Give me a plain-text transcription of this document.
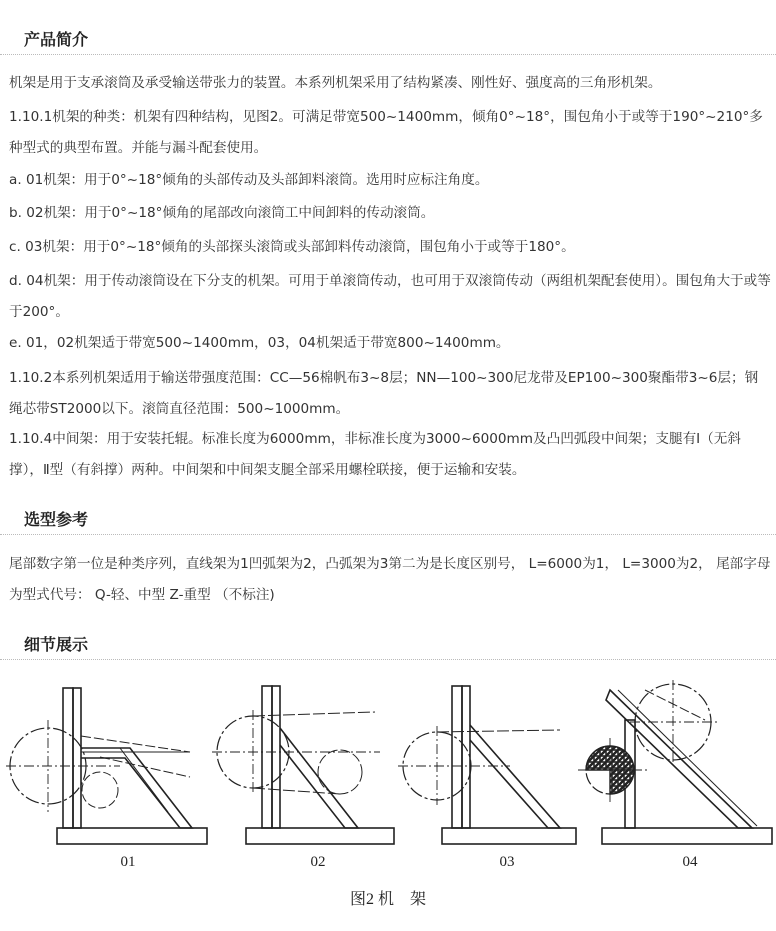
产品简介
机架是用于支承滚筒及承受输送带张力的装置。本系列机架采用了结构紧凑、刚性好、强度高的三角形机架。
1.10.1机架的种类：机架有四种结构，见图2。可满足带宽500~1400mm，倾角0°~18°，围包角小于或等于190°~210°多种型式的典型布置。并能与漏斗配套使用。
a. 01机架：用于0°~18°倾角的头部传动及头部卸料滚筒。选用时应标注角度。
b. 02机架：用于0°~18°倾角的尾部改向滚筒工中间卸料的传动滚筒。
c. 03机架：用于0°~18°倾角的头部探头滚筒或头部卸料传动滚筒，围包角小于或等于180°。
d. 04机架：用于传动滚筒设在下分支的机架。可用于单滚筒传动，也可用于双滚筒传动（两组机架配套使用）。围包角大于或等于200°。
e. 01，02机架适于带宽500~1400mm，03，04机架适于带宽800~1400mm。
1.10.2本系列机架适用于输送带强度范围：CC—56棉帆布3~8层；NN—100~300尼龙带及EP100~300聚酯带3~6层；钢绳芯带ST2000以下。滚筒直径范围：500~1000mm。
1.10.4中间架：用于安装托辊。标准长度为6000mm，非标准长度为3000~6000mm及凸凹弧段中间架；支腿有Ⅰ（无斜撑），Ⅱ型（有斜撑）两种。中间架和中间架支腿全部采用螺栓联接，便于运输和安装。
选型参考
尾部数字第一位是种类序列，直线架为1凹弧架为2，凸弧架为3第二为是长度区别号， L=6000为1， L=3000为2， 尾部字母为型式代号： Q-轻、中型 Z-重型 （不标注)
细节展示
01	02	03	04
图2 机　架
